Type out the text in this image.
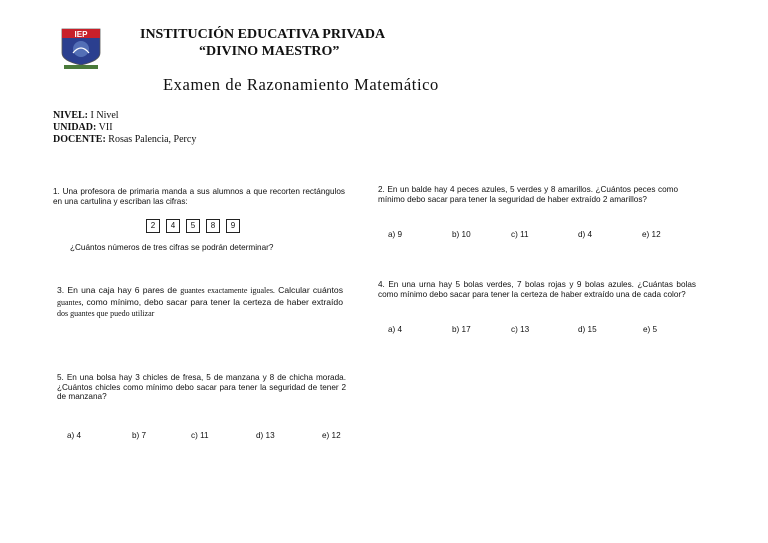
IEP	INSTITUCIÓN EDUCATIVA PRIVADA
“DIVINO MAESTRO”
Examen de Razonamiento Matemático
NIVEL: I Nivel
UNIDAD: VII
DOCENTE: Rosas Palencia, Percy
1. Una profesora de primaria manda a sus alumnos a que recorten rectángulos en una cartulina y escriban las cifras:
2	4	5	8	9
¿Cuántos números de tres cifras se podrán determinar?
2. En un balde hay 4 peces azules, 5 verdes y 8 amarillos. ¿Cuántos peces como mínimo debo sacar para tener la seguridad de haber extraído 2 amarillos?
a) 9	b) 10	c) 11	d) 4	e) 12
3. En una caja hay 6 pares de guantes exactamente iguales. Calcular cuántos guantes, como mínimo, debo sacar para tener la certeza de haber extraído dos guantes que puedo utilizar
4. En una urna hay 5 bolas verdes, 7 bolas rojas y 9 bolas azules. ¿Cuántas bolas como mínimo debo sacar para tener la certeza de haber extraído una de cada color?
a) 4	b) 17	c) 13	d) 15	e) 5
5. En una bolsa hay 3 chicles de fresa, 5 de manzana y 8 de chicha morada. ¿Cuántos chicles como mínimo debo sacar para tener la seguridad de tener 2 de manzana?
a) 4	b) 7	c) 11	d) 13	e) 12
